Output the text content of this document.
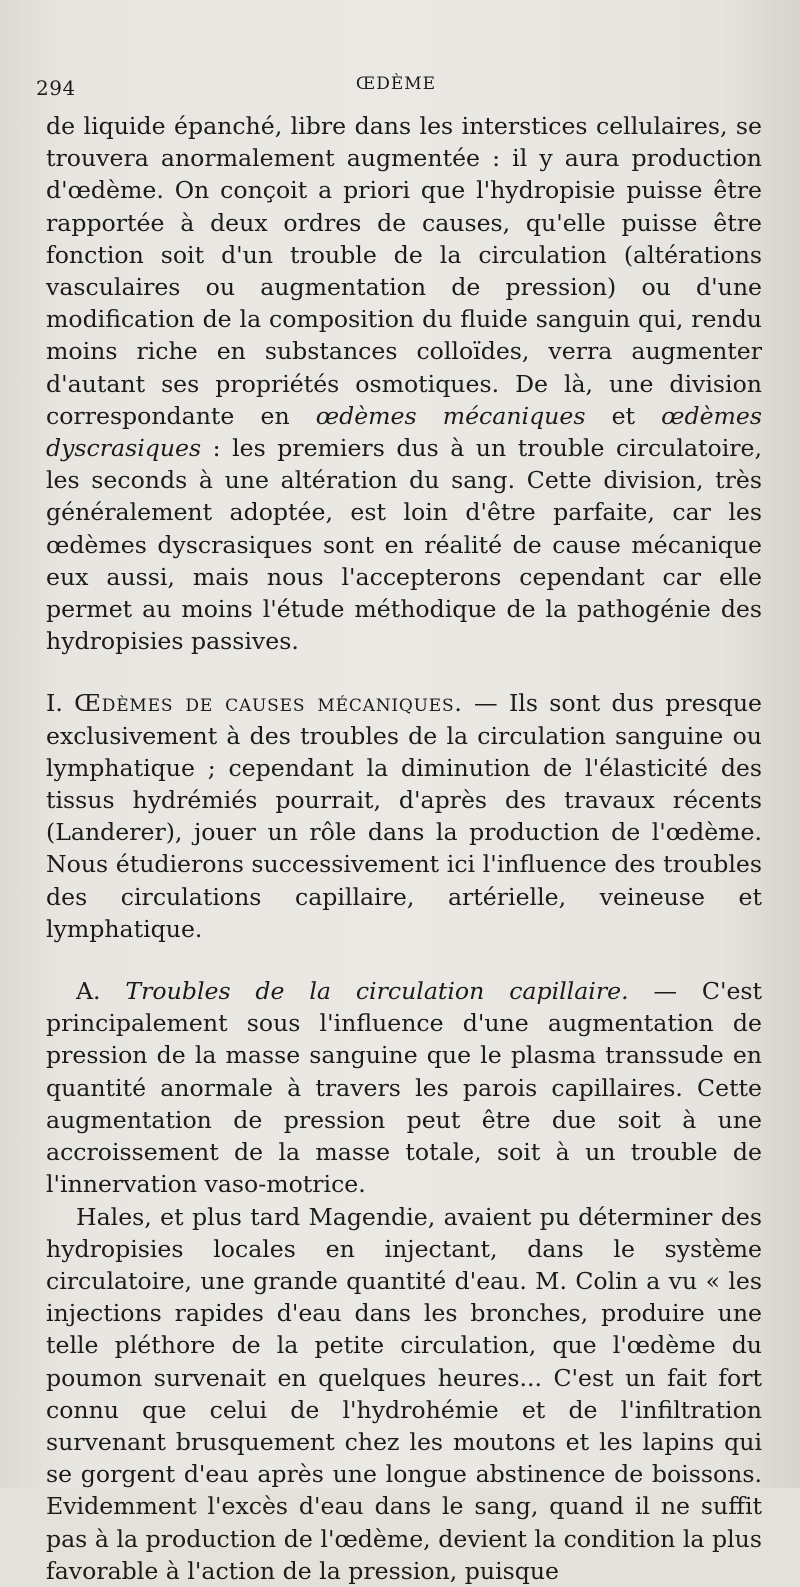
294	ŒDÈME

de liquide épanché, libre dans les interstices cellulaires, se trouvera anormalement augmentée : il y aura production d'œdème. On conçoit a priori que l'hydropisie puisse être rapportée à deux ordres de causes, qu'elle puisse être fonction soit d'un trouble de la circulation (altérations vasculaires ou augmentation de pression) ou d'une modification de la composition du fluide sanguin qui, rendu moins riche en substances colloïdes, verra augmenter d'autant ses propriétés osmotiques. De là, une division correspondante en œdèmes mécaniques et œdèmes dyscrasiques : les premiers dus à un trouble circulatoire, les seconds à une altération du sang. Cette division, très généralement adoptée, est loin d'être parfaite, car les œdèmes dyscrasiques sont en réalité de cause mécanique eux aussi, mais nous l'accepterons cependant car elle permet au moins l'étude méthodique de la pathogénie des hydropisies passives.

I. Œdèmes de causes mécaniques. — Ils sont dus presque exclusivement à des troubles de la circulation sanguine ou lymphatique ; cependant la diminution de l'élasticité des tissus hydrémiés pourrait, d'après des travaux récents (Landerer), jouer un rôle dans la production de l'œdème. Nous étudierons successivement ici l'influence des troubles des circulations capillaire, artérielle, veineuse et lymphatique.

A. Troubles de la circulation capillaire. — C'est principalement sous l'influence d'une augmentation de pression de la masse sanguine que le plasma transsude en quantité anormale à travers les parois capillaires. Cette augmentation de pression peut être due soit à une accroissement de la masse totale, soit à un trouble de l'innervation vaso-motrice.

Hales, et plus tard Magendie, avaient pu déterminer des hydropisies locales en injectant, dans le système circulatoire, une grande quantité d'eau. M. Colin a vu « les injections rapides d'eau dans les bronches, produire une telle pléthore de la petite circulation, que l'œdème du poumon survenait en quelques heures... C'est un fait fort connu que celui de l'hydrohémie et de l'infiltration survenant brusquement chez les moutons et les lapins qui se gorgent d'eau après une longue abstinence de boissons. Evidemment l'excès d'eau dans le sang, quand il ne suffit pas à la production de l'œdème, devient la condition la plus favorable à l'action de la pression, puisque
